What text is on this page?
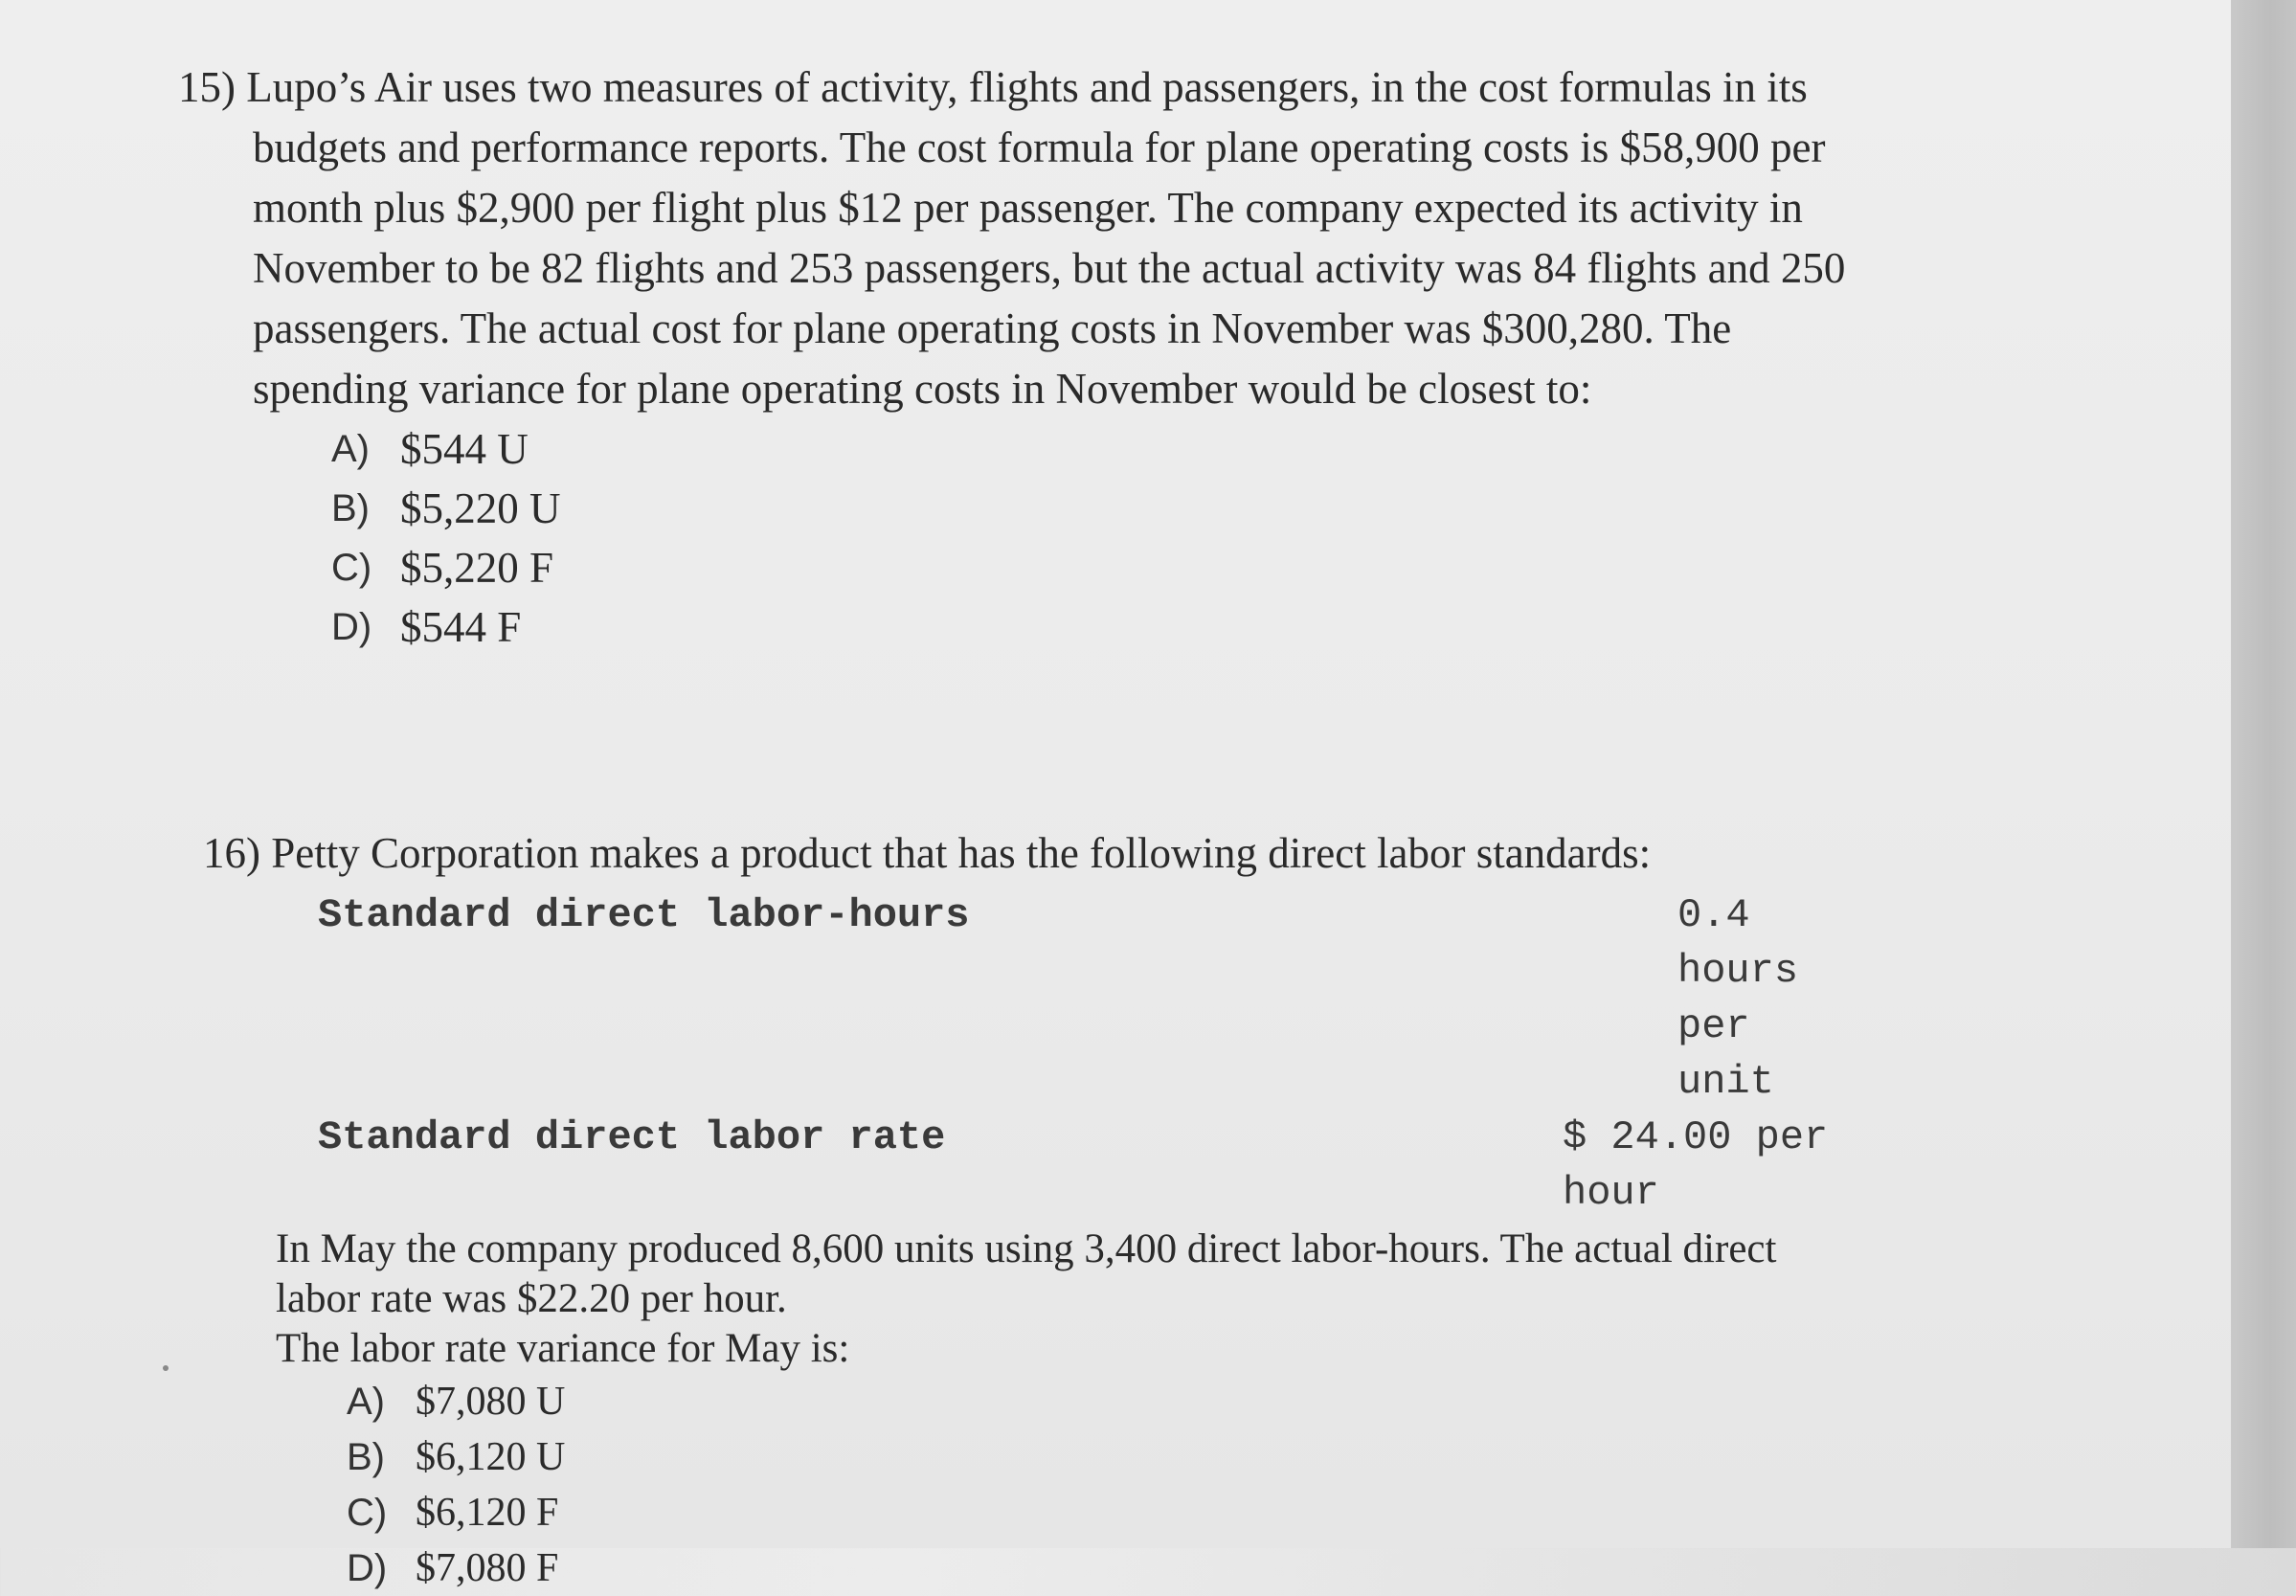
15) Lupo’s Air uses two measures of activity, flights and passengers, in the cost formulas in its
budgets and performance reports. The cost formula for plane operating costs is $58,900 per
month plus $2,900 per flight plus $12 per passenger. The company expected its activity in
November to be 82 flights and 253 passengers, but the actual activity was 84 flights and 250
passengers. The actual cost for plane operating costs in November was $300,280. The
spending variance for plane operating costs in November would be closest to:
A) $544 U
B) $5,220 U
C) $5,220 F
D) $544 F
16) Petty Corporation makes a product that has the following direct labor standards:
Standard direct labor-hours	0.4 hours per unit
Standard direct labor rate	$ 24.00 per hour
In May the company produced 8,600 units using 3,400 direct labor-hours. The actual direct
labor rate was $22.20 per hour.
The labor rate variance for May is:
A) $7,080 U
B) $6,120 U
C) $6,120 F
D) $7,080 F
